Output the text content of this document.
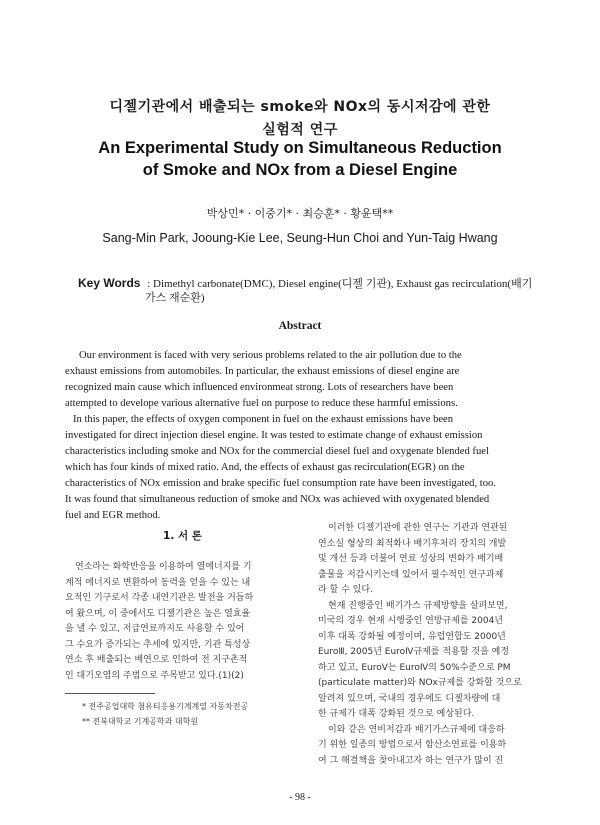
디젤기관에서 배출되는 smoke와 NOx의 동시저감에 관한
실험적 연구
An Experimental Study on Simultaneous Reduction
of Smoke and NOx from a Diesel Engine
박상민* · 이중기* · 최승훈* · 황윤택**
Sang-Min Park, Jooung-Kie Lee, Seung-Hun Choi and Yun-Taig Hwang
Key Words : Dimethyl carbonate(DMC), Diesel engine(디젤 기관), Exhaust gas recirculation(배기
가스 재순환)
Abstract

Our environment is faced with very serious problems related to the air pollution due to the

exhaust emissions from automobiles. In particular, the exhaust emissions of diesel engine are

recognized main cause which influenced environmeat strong. Lots of researchers have been

attempted to develope various alternative fuel on purpose to reduce these harmful emissions.

In this paper, the effects of oxygen component in fuel on the exhaust emissions have been

investigated for direct injection diesel engine. It was tested to estimate change of exhaust emission

characteristics including smoke and NOx for the commercial diesel fuel and oxygenate blended fuel

which has four kinds of mixed ratio. And, the effects of exhaust gas recirculation(EGR) on the

characteristics of NOx emission and brake specific fuel consumption rate have been investigated, too.

It was found that simultaneous reduction of smoke and NOx was achieved with oxygenated blended

fuel and EGR method.

1. 서 론

연소라는 화학반응을 이용하여 열에너지를 기

계적 에너지로 변환하여 동력을 얻을 수 있는 내

요적인 기구로서 각종 내연기관은 발전을 거듭하

여 왔으며, 이 중에서도 디젤기관은 높은 열효율

을 낼 수 있고, 저급연료까지도 사용할 수 있어

그 수요가 증가되는 추세에 있지만, 기관 특성상

연소 후 배출되는 배연으로 인하여 전 지구촌적

인 대기오염의 주범으로 주목받고 있다.(1)(2)

* 전주공업대학 첨유티응용기계계열 자동차전공
** 전북대학교 기계공학과 대학원

이러한 디젤기관에 관한 연구는 기관과 연관된

연소실 형상의 최적화나 배기후처리 장치의 개발

및 개선 등과 더불어 연료 성상의 변화가 배기배

출물을 저감시키는데 있어서 필수적인 연구과제

라 할 수 있다.

현재 진행중인 배기가스 규제방향을 살펴보면,

미국의 경우 현재 시행중인 연방규제를 2004년

이후 대폭 강화될 예정이며, 유럽연합도 2000년

EuroⅢ, 2005년 EuroⅣ규제를 적용할 것을 예정

하고 있고, EuroⅤ는 EuroⅣ의 50%수준으로 PM

(particulate matter)와 NOx규제를 강화할 것으로

알려져 있으며, 국내의 경우에도 디젤차량에 대

한 규제가 대폭 강화된 것으로 예상된다.

이와 같은 연비저감과 배기가스규제에 대응하

기 위한 일종의 방법으로서 함산소연료를 이용하

여 그 해결책을 찾아내고자 하는 연구가 많이 진

- 98 -
